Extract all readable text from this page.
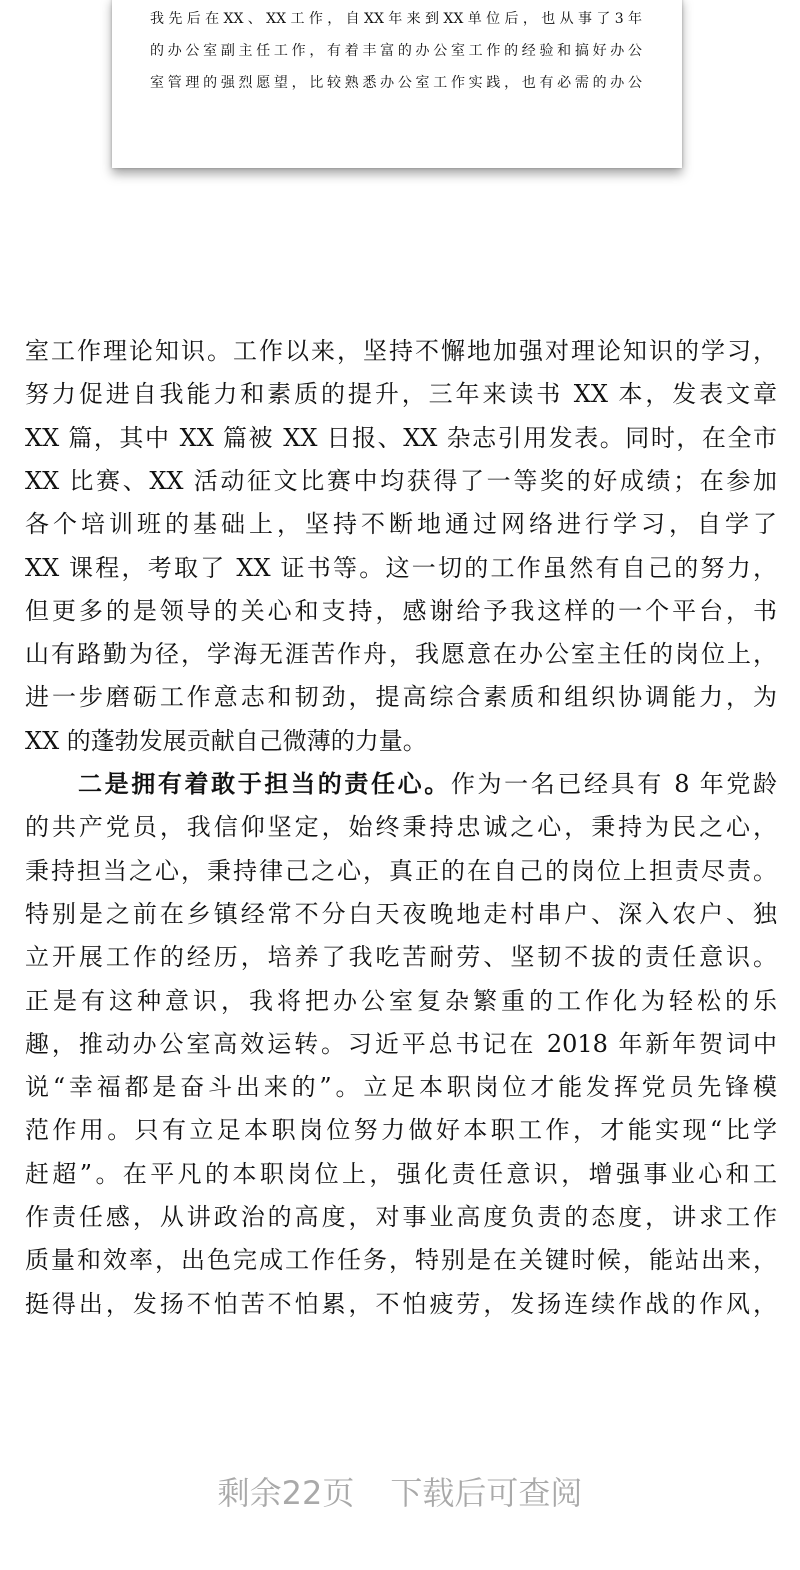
我先后在XX、XX工作，自XX年来到XX单位后，也从事了3年
的办公室副主任工作，有着丰富的办公室工作的经验和搞好办公
室管理的强烈愿望，比较熟悉办公室工作实践，也有必需的办公
室工作理论知识。工作以来，坚持不懈地加强对理论知识的学习，
努力促进自我能力和素质的提升，三年来读书 XX 本，发表文章
XX 篇，其中 XX 篇被 XX 日报、XX 杂志引用发表。同时，在全市
XX 比赛、XX 活动征文比赛中均获得了一等奖的好成绩；在参加
各个培训班的基础上，坚持不断地通过网络进行学习，自学了
XX 课程，考取了 XX 证书等。这一切的工作虽然有自己的努力，
但更多的是领导的关心和支持，感谢给予我这样的一个平台，书
山有路勤为径，学海无涯苦作舟，我愿意在办公室主任的岗位上，
进一步磨砺工作意志和韧劲，提高综合素质和组织协调能力，为
XX 的蓬勃发展贡献自己微薄的力量。
二是拥有着敢于担当的责任心。作为一名已经具有 8 年党龄
的共产党员，我信仰坚定，始终秉持忠诚之心，秉持为民之心，
秉持担当之心，秉持律己之心，真正的在自己的岗位上担责尽责。
特别是之前在乡镇经常不分白天夜晚地走村串户、深入农户、独
立开展工作的经历，培养了我吃苦耐劳、坚韧不拔的责任意识。
正是有这种意识，我将把办公室复杂繁重的工作化为轻松的乐
趣，推动办公室高效运转。习近平总书记在 2018 年新年贺词中
说“幸福都是奋斗出来的”。立足本职岗位才能发挥党员先锋模
范作用。只有立足本职岗位努力做好本职工作，才能实现“比学
赶超”。在平凡的本职岗位上，强化责任意识，增强事业心和工
作责任感，从讲政治的高度，对事业高度负责的态度，讲求工作
质量和效率，出色完成工作任务，特别是在关键时候，能站出来，
挺得出，发扬不怕苦不怕累，不怕疲劳，发扬连续作战的作风，
剩余22页 下载后可查阅
